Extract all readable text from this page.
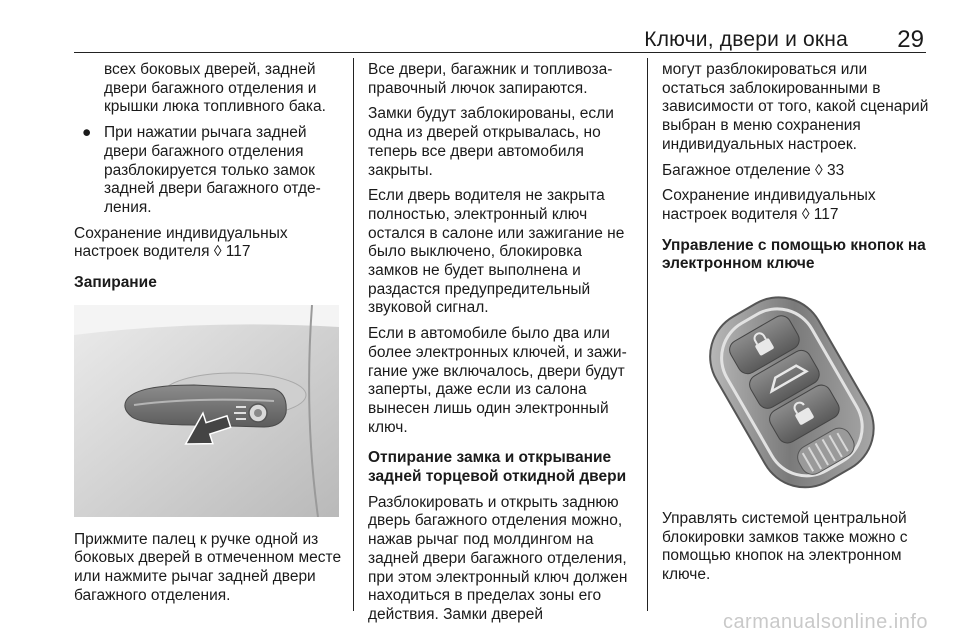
Ключи, двери и окна 29

всех боковых дверей, задней двери багажного отделения и крышки люка топливного бака.

● При нажатии рычага задней двери багажного отделения разблокируется только замок задней двери багажного отделения.

Сохранение индивидуальных настроек водителя ◊ 117

Запирание

Прижмите палец к ручке одной из боковых дверей в отмеченном месте или нажмите рычаг задней двери багажного отделения.

Все двери, багажник и топливозаправочный лючок запираются.

Замки будут заблокированы, если одна из дверей открывалась, но теперь все двери автомобиля закрыты.

Если дверь водителя не закрыта полностью, электронный ключ остался в салоне или зажигание не было выключено, блокировка замков не будет выполнена и раздастся предупредительный звуковой сигнал.

Если в автомобиле было два или более электронных ключей, и зажигание уже включалось, двери будут заперты, даже если из салона вынесен лишь один электронный ключ.

Отпирание замка и открывание задней торцевой откидной двери

Разблокировать и открыть заднюю дверь багажного отделения можно, нажав рычаг под молдингом на задней двери багажного отделения, при этом электронный ключ должен находиться в пределах зоны его действия. Замки дверей

могут разблокироваться или остаться заблокированными в зависимости от того, какой сценарий выбран в меню сохранения индивидуальных настроек.

Багажное отделение ◊ 33

Сохранение индивидуальных настроек водителя ◊ 117

Управление с помощью кнопок на электронном ключе

Управлять системой центральной блокировки замков также можно с помощью кнопок на электронном ключе.

carmanualsonline.info
